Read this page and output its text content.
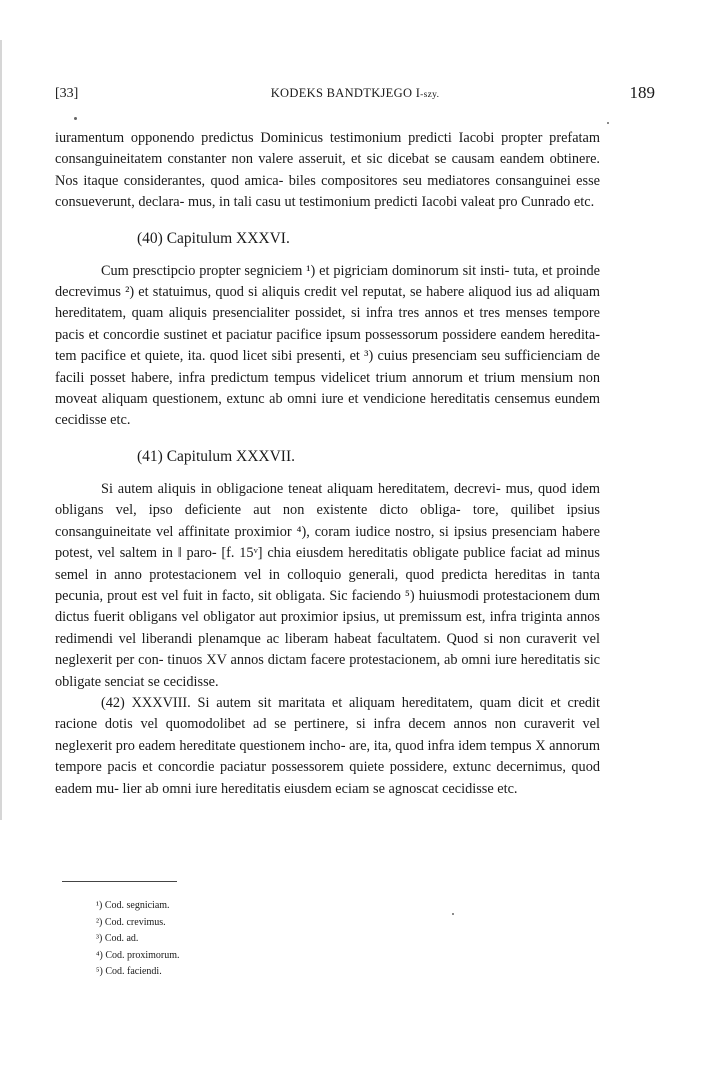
[33]	KODEKS BANDTKJEGO I-szy.	189

iuramentum opponendo predictus Dominicus testimonium predicti Iacobi propter prefatam consanguineitatem constanter non valere asseruit, et sic dicebat se causam eandem obtinere. Nos itaque considerantes, quod amica- biles compositores seu mediatores consanguinei esse consueverunt, declara- mus, in tali casu ut testimonium predicti Iacobi valeat pro Cunrado etc.

(40) Capitulum XXXVI.

Cum presctipcio propter segniciem ¹) et pigriciam dominorum sit insti- tuta, et proinde decrevimus ²) et statuimus, quod si aliquis credit vel reputat, se habere aliquod ius ad aliquam hereditatem, quam aliquis presencialiter possidet, si infra tres annos et tres menses tempore pacis et concordie sustinet et paciatur pacifice ipsum possessorum possidere eandem heredita- tem pacifice et quiete, ita. quod licet sibi presenti, et ³) cuius presenciam seu sufficienciam de facili posset habere, infra predictum tempus videlicet trium annorum et trium mensium non moveat aliquam questionem, extunc ab omni iure et vendicione hereditatis censemus eundem cecidisse etc.

(41) Capitulum XXXVII.

Si autem aliquis in obligacione teneat aliquam hereditatem, decrevi- mus, quod idem obligans vel, ipso deficiente aut non existente dicto obliga- tore, quilibet ipsius consanguineitate vel affinitate proximior ⁴), coram iudice nostro, si ipsius presenciam habere potest, vel saltem in ‖ paro- [f. 15ᵛ] chia eiusdem hereditatis obligate publice faciat ad minus semel in anno protestacionem vel in colloquio generali, quod predicta hereditas in tanta pecunia, prout est vel fuit in facto, sit obligata. Sic faciendo ⁵) huiusmodi protestacionem dum dictus fuerit obligans vel obligator aut proximior ipsius, ut premissum est, infra triginta annos redimendi vel liberandi plenamque ac liberam habeat facultatem. Quod si non curaverit vel neglexerit per con- tinuos XV annos dictam facere protestacionem, ab omni iure hereditatis sic obligate senciat se cecidisse.

(42) XXXVIII. Si autem sit maritata et aliquam hereditatem, quam dicit et credit racione dotis vel quomodolibet ad se pertinere, si infra decem annos non curaverit vel neglexerit pro eadem hereditate questionem incho- are, ita, quod infra idem tempus X annorum tempore pacis et concordie paciatur possessorem quiete possidere, extunc decernimus, quod eadem mu- lier ab omni iure hereditatis eiusdem eciam se agnoscat cecidisse etc.

¹) Cod. segniciam.
²) Cod. crevimus.
³) Cod. ad.
⁴) Cod. proximorum.
⁵) Cod. faciendi.
